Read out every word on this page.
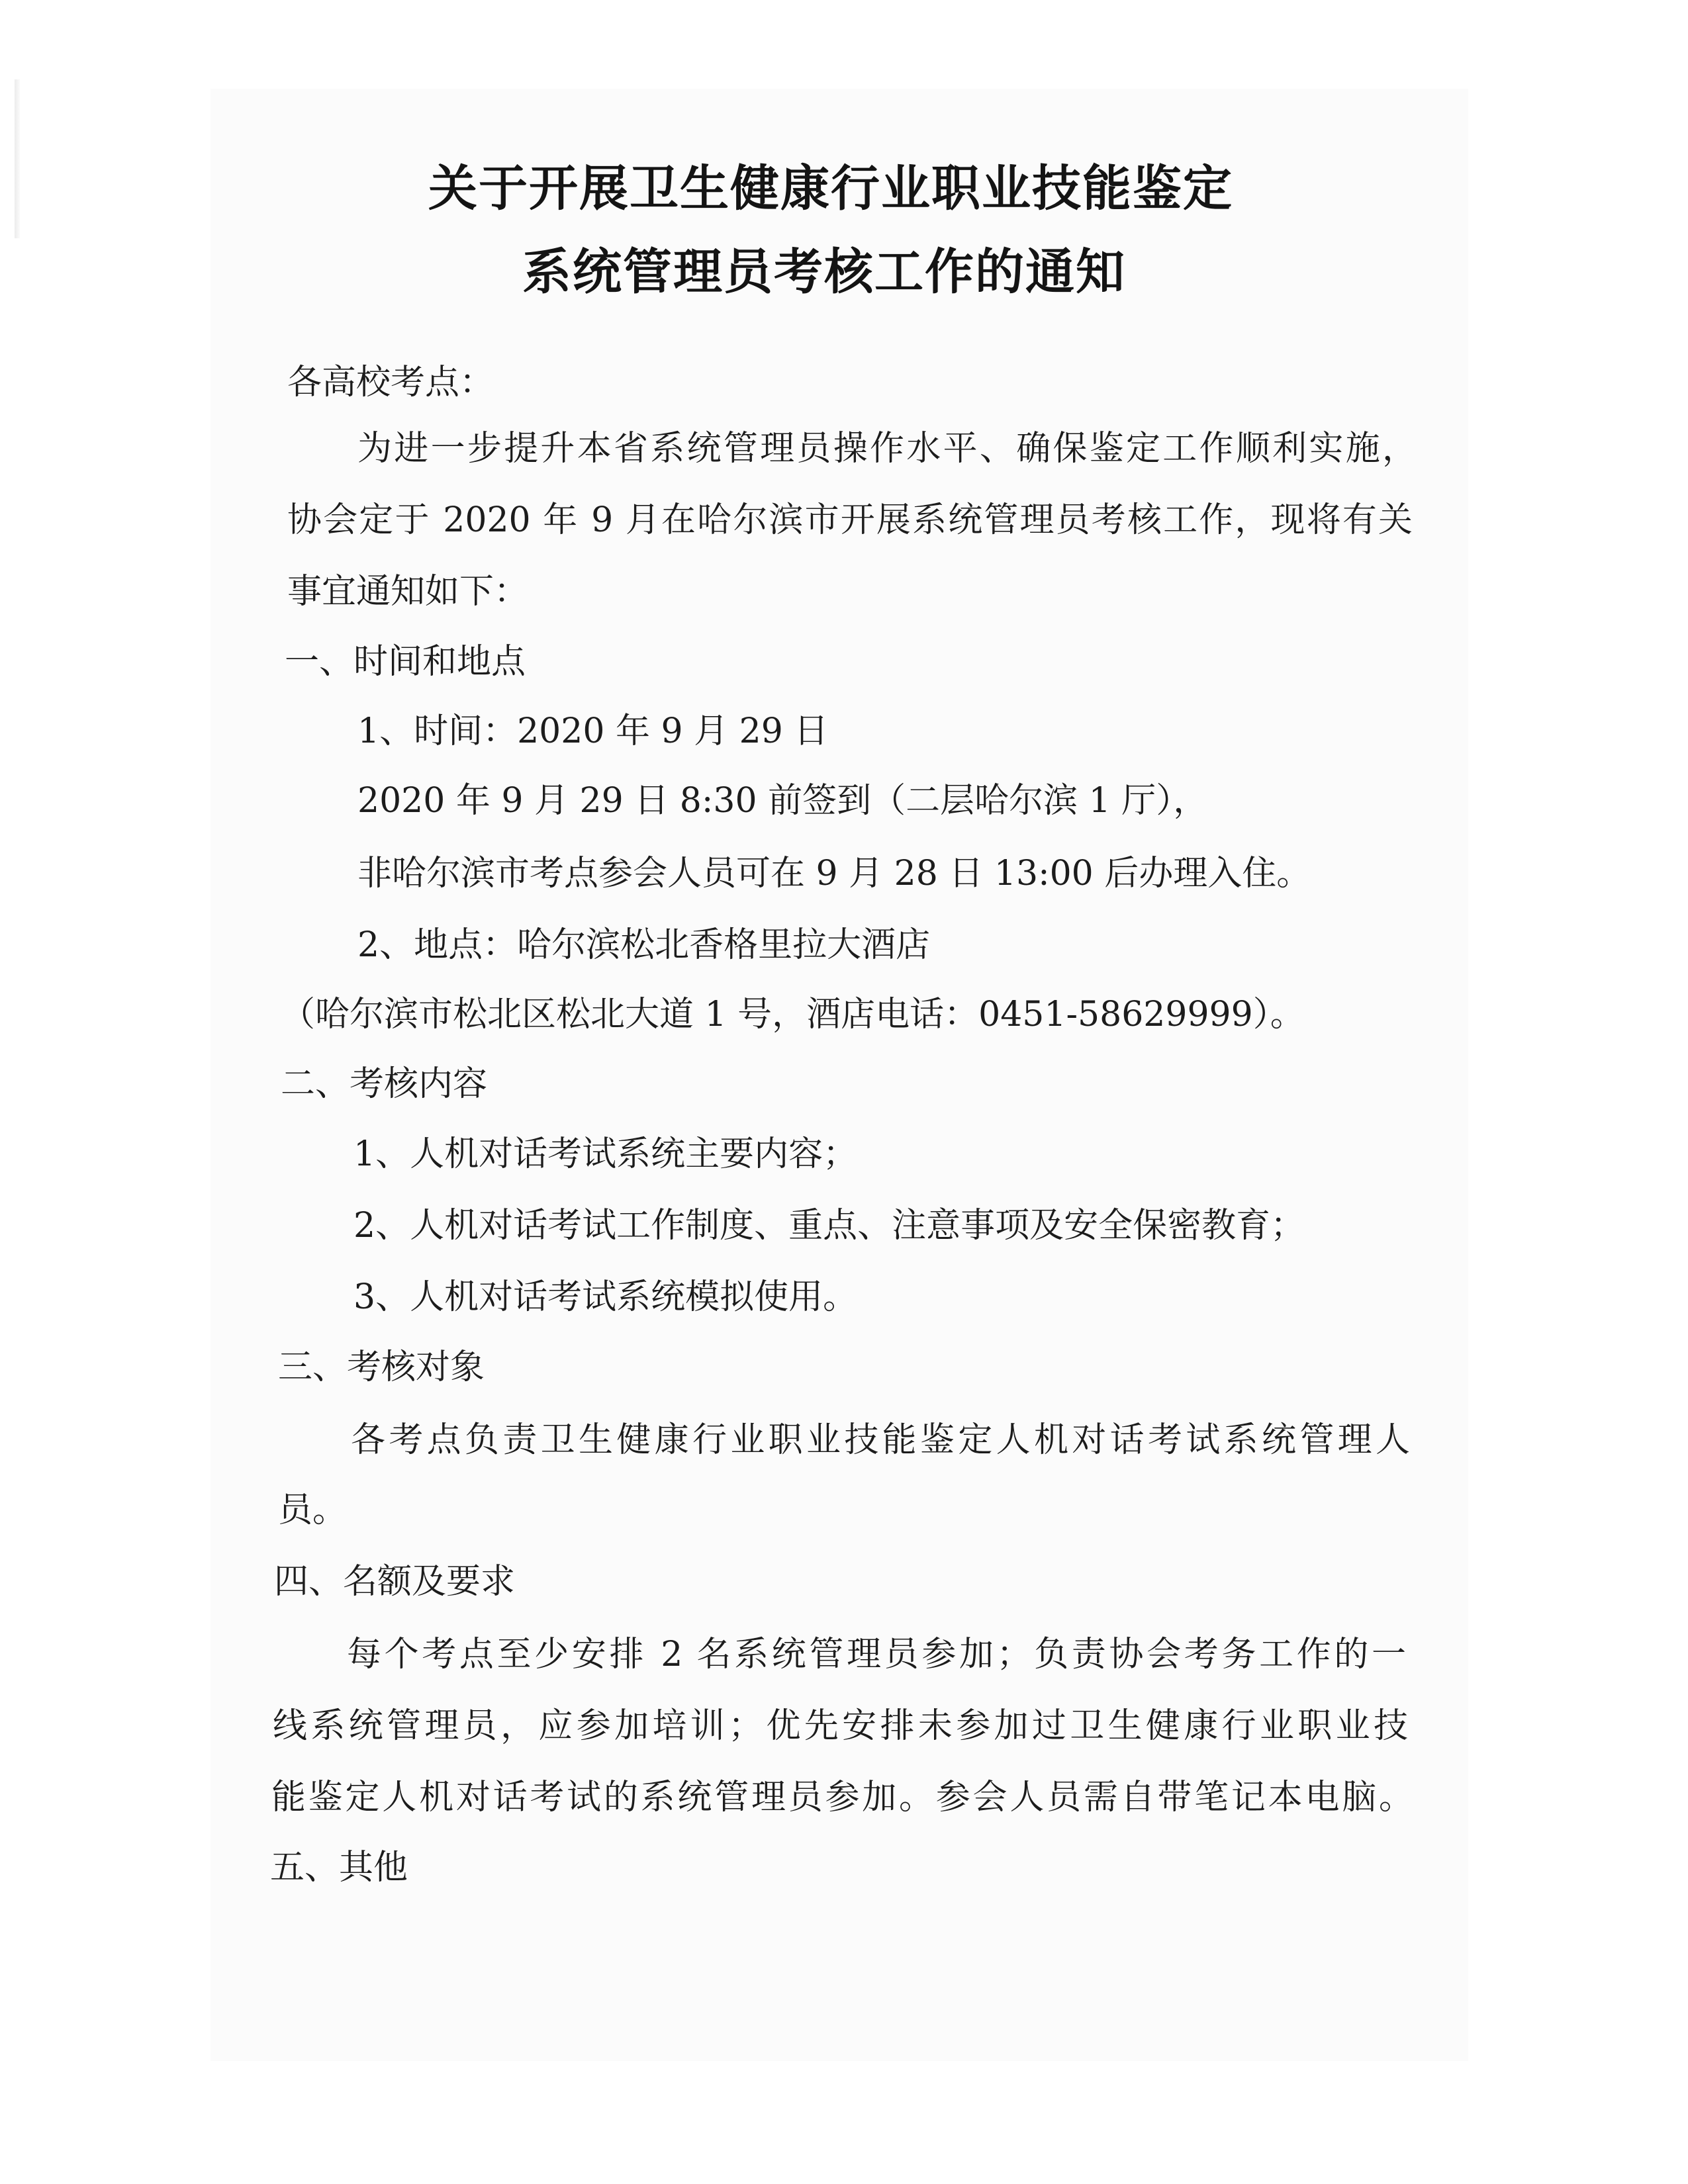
关于开展卫生健康行业职业技能鉴定
系统管理员考核工作的通知
各高校考点：
为进一步提升本省系统管理员操作水平、确保鉴定工作顺利实施，
协会定于 2020 年 9 月在哈尔滨市开展系统管理员考核工作，现将有关
事宜通知如下：
一、时间和地点
1、时间：2020 年 9 月 29 日
2020 年 9 月 29 日 8:30 前签到（二层哈尔滨 1 厅），
非哈尔滨市考点参会人员可在 9 月 28 日 13:00 后办理入住。
2、地点：哈尔滨松北香格里拉大酒店
（哈尔滨市松北区松北大道 1 号，酒店电话：0451-58629999）。
二、考核内容
1、人机对话考试系统主要内容；
2、人机对话考试工作制度、重点、注意事项及安全保密教育；
3、人机对话考试系统模拟使用。
三、考核对象
各考点负责卫生健康行业职业技能鉴定人机对话考试系统管理人
员。
四、名额及要求
每个考点至少安排 2 名系统管理员参加；负责协会考务工作的一
线系统管理员，应参加培训；优先安排未参加过卫生健康行业职业技
能鉴定人机对话考试的系统管理员参加。参会人员需自带笔记本电脑。
五、其他
